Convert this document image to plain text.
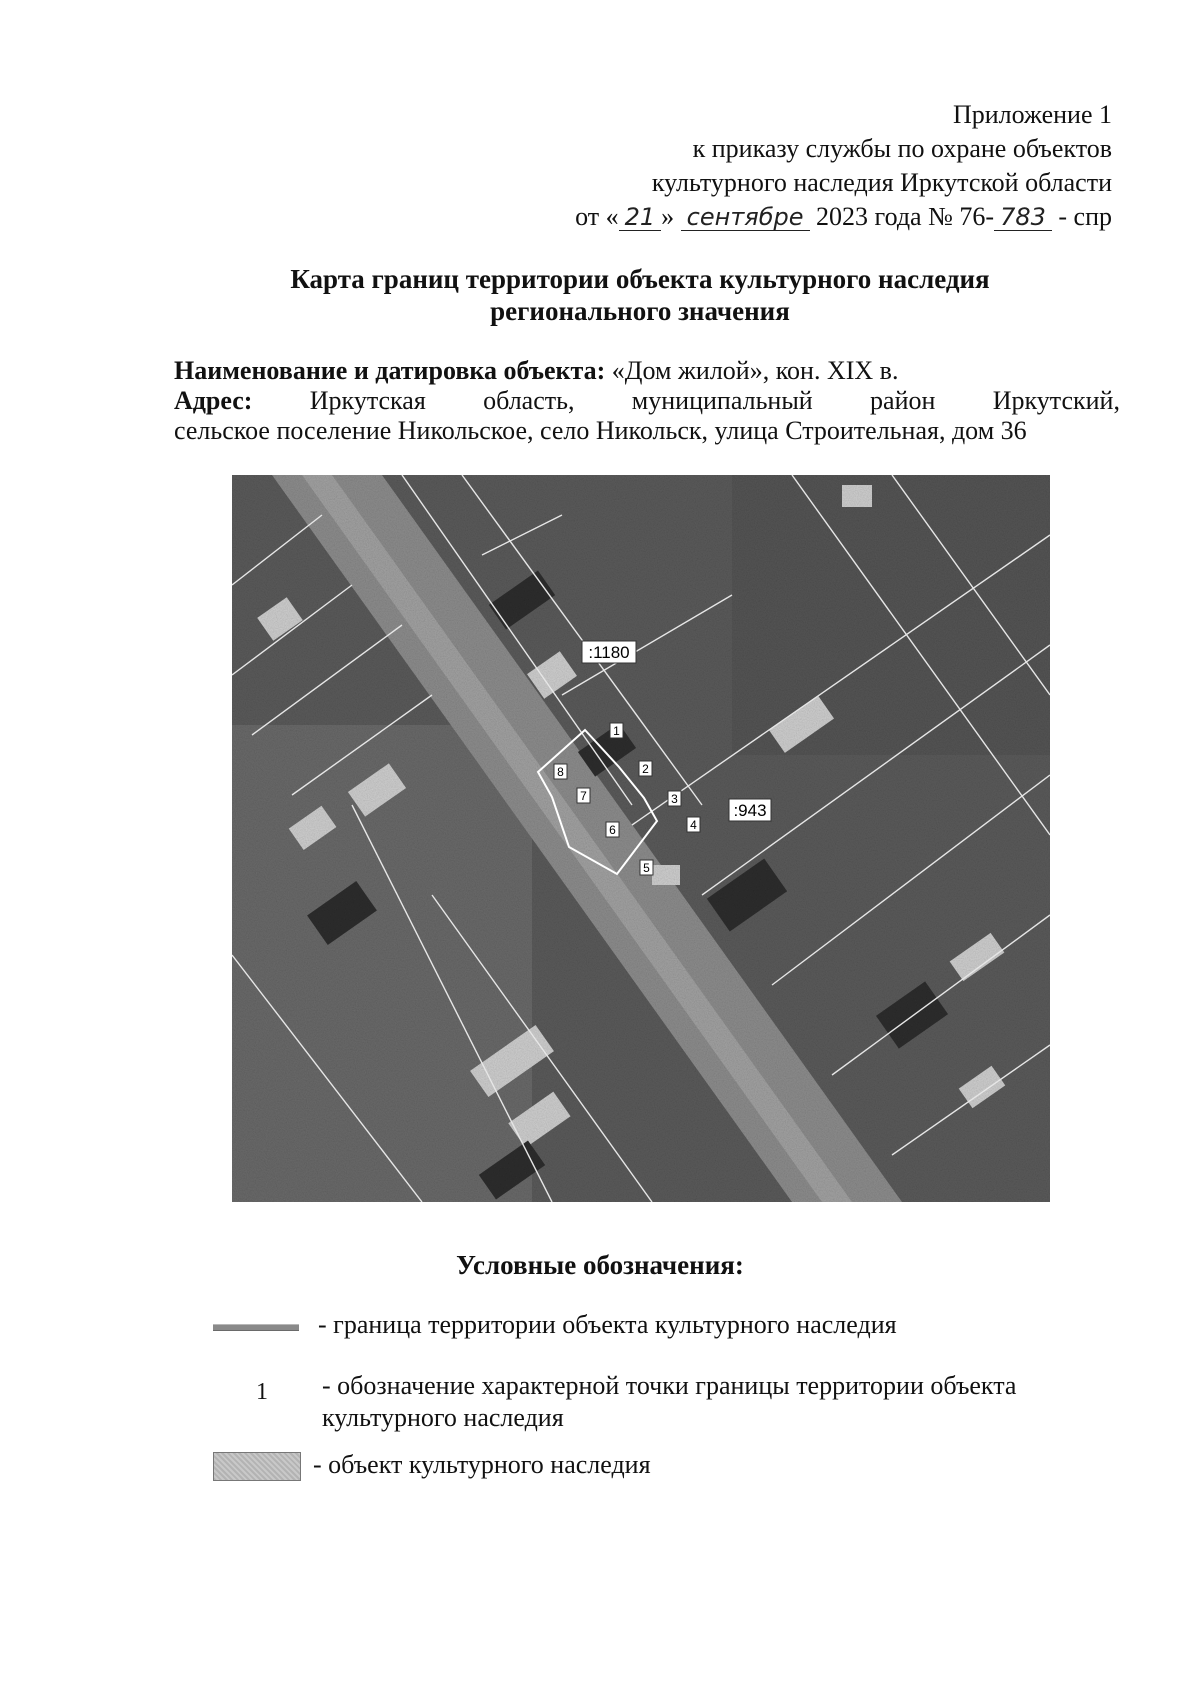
Приложение 1
к приказу службы по охране объектов
культурного наследия Иркутской области
от « 21 » сентябре 2023 года № 76- 783 - спр
Карта границ территории объекта культурного наследия
регионального значения
Наименование и датировка объекта: «Дом жилой», кон. XIX в.
Адрес: Иркутская область, муниципальный район Иркутский,
сельское поселение Никольское, село Никольск, улица Строительная, дом 36
:1180
:943
1
2
3
4
5
6
7
8
Условные обозначения:
- граница территории объекта культурного наследия
1 - обозначение характерной точки границы территории объекта
культурного наследия
- объект культурного наследия
